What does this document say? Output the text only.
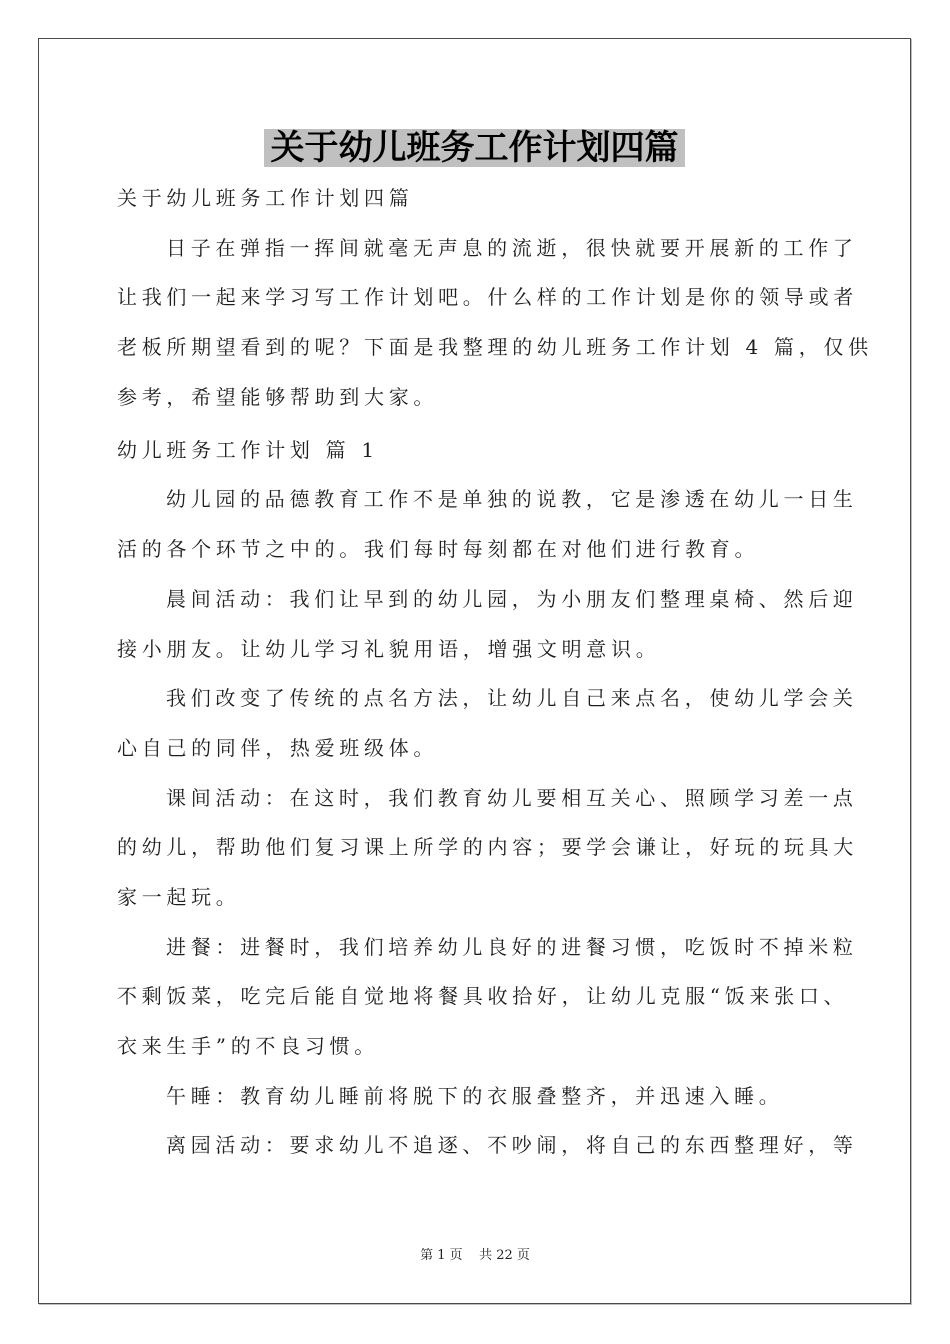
关于幼儿班务工作计划四篇
关于幼儿班务工作计划四篇
日子在弹指一挥间就毫无声息的流逝，很快就要开展新的工作了
让我们一起来学习写工作计划吧。什么样的工作计划是你的领导或者
老板所期望看到的呢？下面是我整理的幼儿班务工作计划 4 篇，仅供
参考，希望能够帮助到大家。
幼儿班务工作计划 篇 1
幼儿园的品德教育工作不是单独的说教，它是渗透在幼儿一日生
活的各个环节之中的。我们每时每刻都在对他们进行教育。
晨间活动：我们让早到的幼儿园，为小朋友们整理桌椅、然后迎
接小朋友。让幼儿学习礼貌用语，增强文明意识。
我们改变了传统的点名方法，让幼儿自己来点名，使幼儿学会关
心自己的同伴，热爱班级体。
课间活动：在这时，我们教育幼儿要相互关心、照顾学习差一点
的幼儿，帮助他们复习课上所学的内容；要学会谦让，好玩的玩具大
家一起玩。
进餐：进餐时，我们培养幼儿良好的进餐习惯，吃饭时不掉米粒
不剩饭菜，吃完后能自觉地将餐具收拾好，让幼儿克服“饭来张口、
衣来生手”的不良习惯。
午睡：教育幼儿睡前将脱下的衣服叠整齐，并迅速入睡。
离园活动：要求幼儿不追逐、不吵闹，将自己的东西整理好，等
第 1 页    共 22 页
